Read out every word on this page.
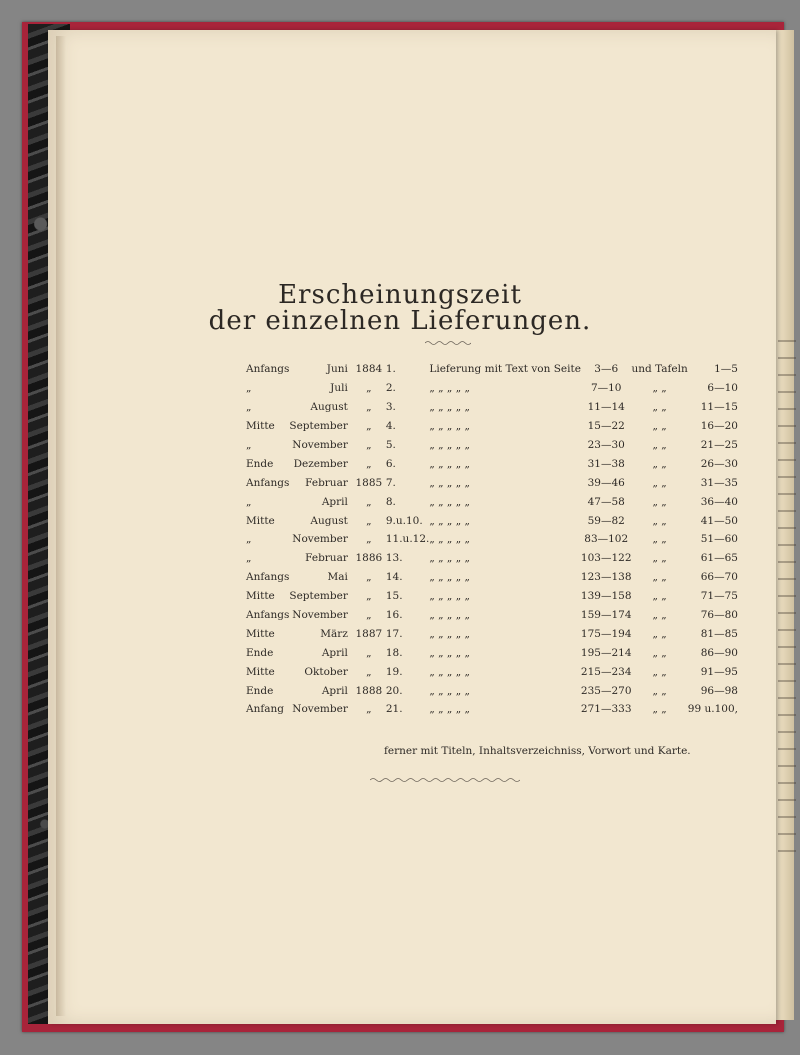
Erscheinungszeit
der einzelnen Lieferungen.
Anfangs	Juni	1884	1.	Lieferung mit Text von Seite	3—6	und Tafeln	1—5
„	Juli	„	2.	„ „ „ „ „	7—10	„ „	6—10
„	August	„	3.	„ „ „ „ „	11—14	„ „	11—15
Mitte	September	„	4.	„ „ „ „ „	15—22	„ „	16—20
„	November	„	5.	„ „ „ „ „	23—30	„ „	21—25
Ende	Dezember	„	6.	„ „ „ „ „	31—38	„ „	26—30
Anfangs	Februar	1885	7.	„ „ „ „ „	39—46	„ „	31—35
„	April	„	8.	„ „ „ „ „	47—58	„ „	36—40
Mitte	August	„	9.u.10.	„ „ „ „ „	59—82	„ „	41—50
„	November	„	11.u.12.	„ „ „ „ „	83—102	„ „	51—60
„	Februar	1886	13.	„ „ „ „ „	103—122	„ „	61—65
Anfangs	Mai	„	14.	„ „ „ „ „	123—138	„ „	66—70
Mitte	September	„	15.	„ „ „ „ „	139—158	„ „	71—75
Anfangs	November	„	16.	„ „ „ „ „	159—174	„ „	76—80
Mitte	März	1887	17.	„ „ „ „ „	175—194	„ „	81—85
Ende	April	„	18.	„ „ „ „ „	195—214	„ „	86—90
Mitte	Oktober	„	19.	„ „ „ „ „	215—234	„ „	91—95
Ende	April	1888	20.	„ „ „ „ „	235—270	„ „	96—98
Anfang	November	„	21.	„ „ „ „ „	271—333	„ „	99 u.100,
ferner mit Titeln, Inhaltsverzeichniss, Vorwort und Karte.
